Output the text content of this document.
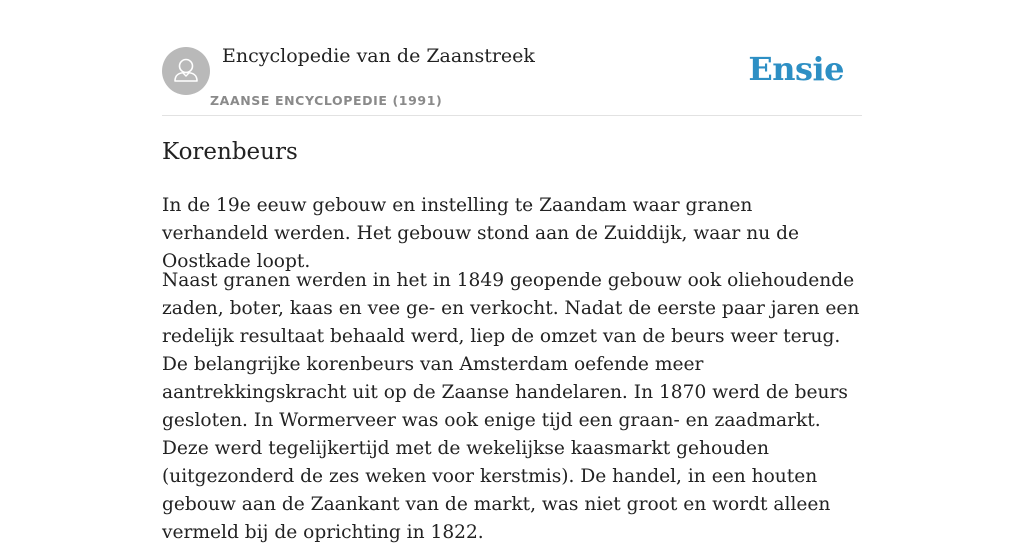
Encyclopedie van de Zaanstreek
ZAANSE ENCYCLOPEDIE (1991)
Ensie
Korenbeurs

In de 19e eeuw gebouw en instelling te Zaandam waar granen verhandeld werden. Het gebouw stond aan de Zuiddijk, waar nu de Oostkade loopt.

Naast granen werden in het in 1849 geopende gebouw ook oliehoudende zaden, boter, kaas en vee ge- en verkocht. Nadat de eerste paar jaren een redelijk resultaat behaald werd, liep de omzet van de beurs weer terug. De belangrijke korenbeurs van Amsterdam oefende meer aantrekkingskracht uit op de Zaanse handelaren. In 1870 werd de beurs gesloten. In Wormerveer was ook enige tijd een graan- en zaadmarkt. Deze werd tegelijkertijd met de wekelijkse kaasmarkt gehouden (uitgezonderd de zes weken voor kerstmis). De handel, in een houten gebouw aan de Zaankant van de markt, was niet groot en wordt alleen vermeld bij de oprichting in 1822.
